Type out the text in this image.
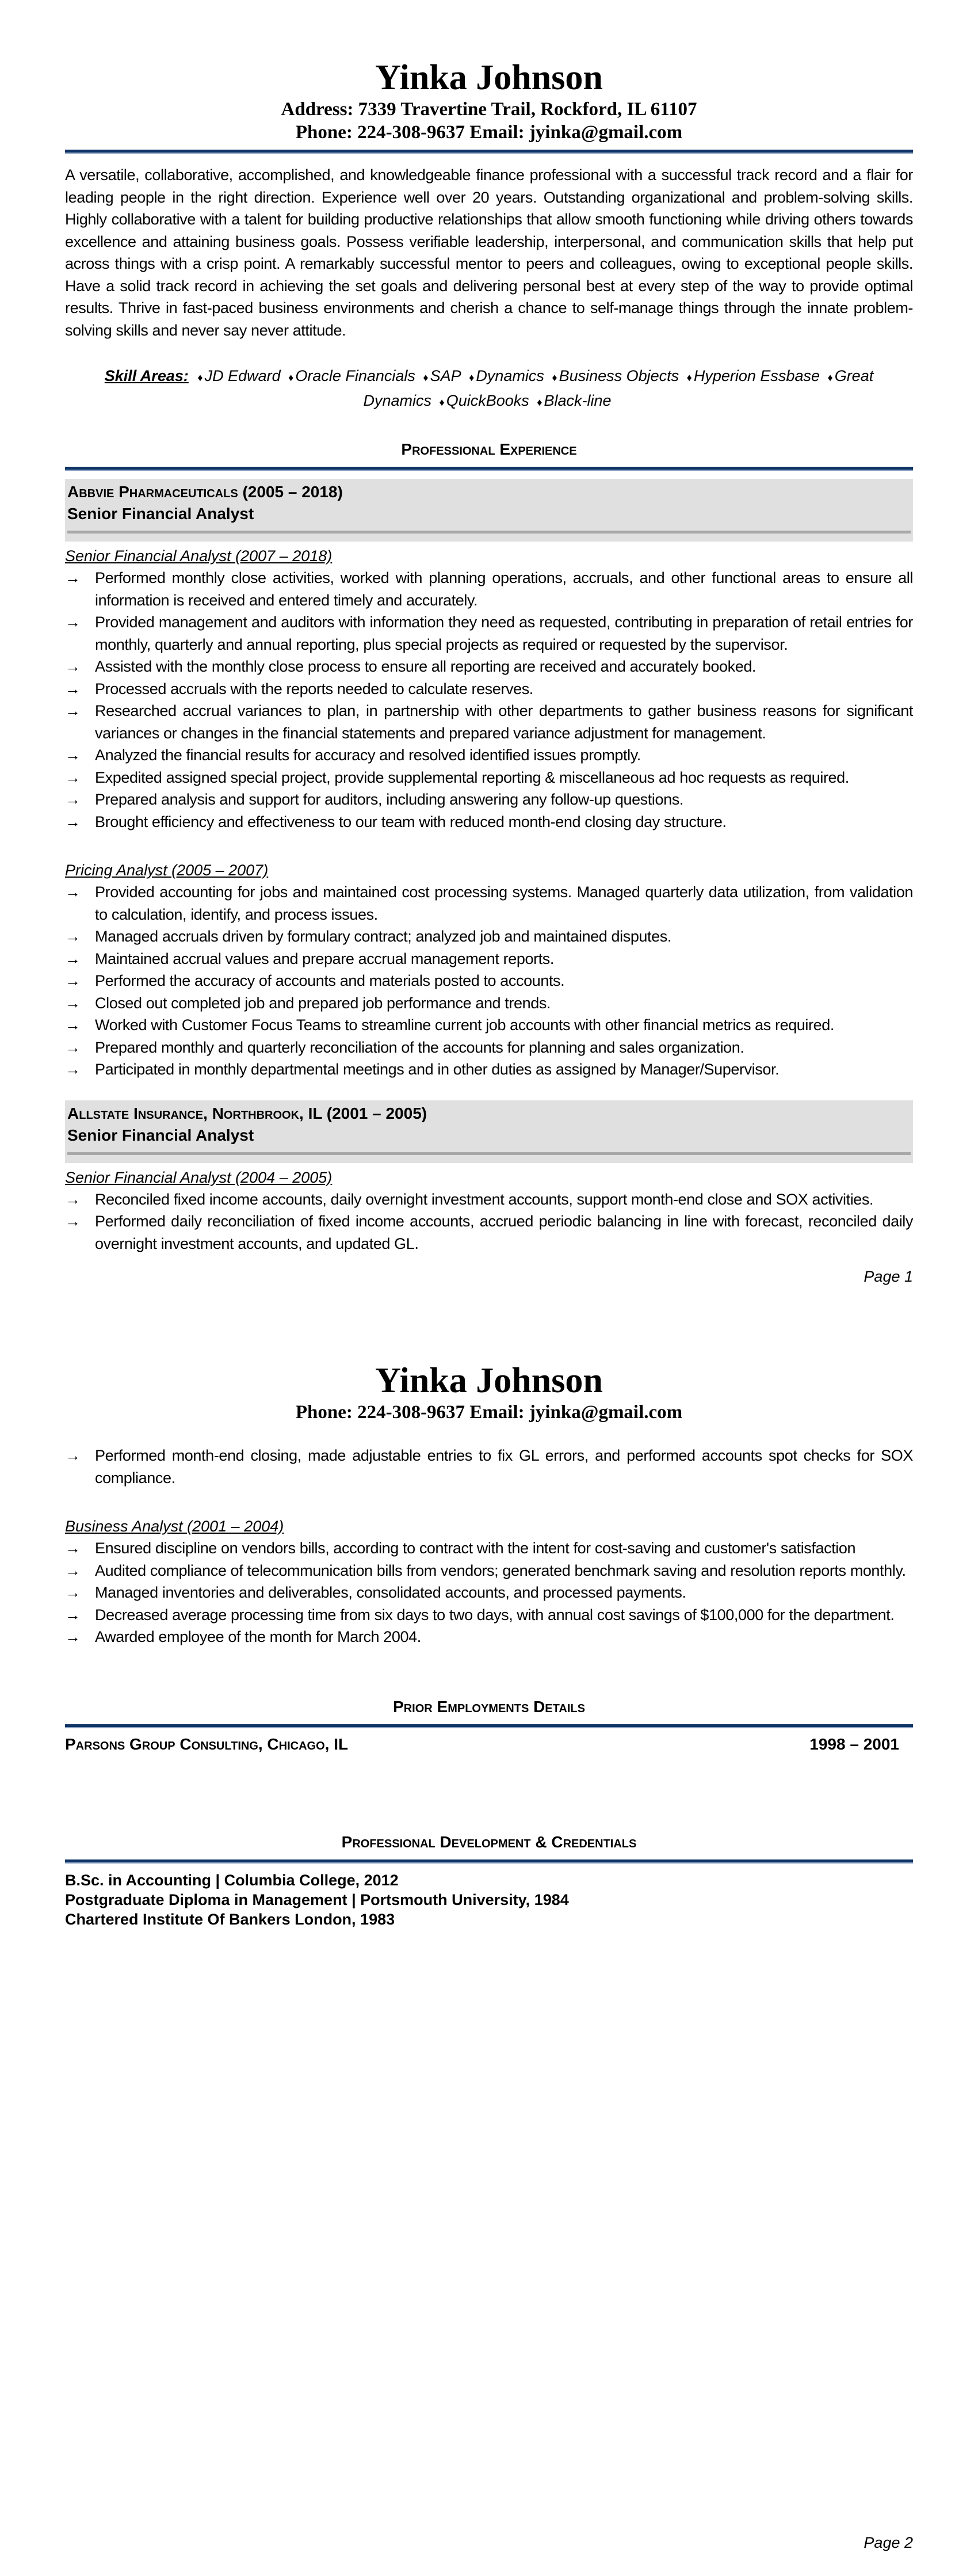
Yinka Johnson
Address: 7339 Travertine Trail, Rockford, IL 61107
Phone: 224-308-9637 Email: jyinka@gmail.com

A versatile, collaborative, accomplished, and knowledgeable finance professional with a successful track record and a flair for leading people in the right direction. Experience well over 20 years. Outstanding organizational and problem-solving skills. Highly collaborative with a talent for building productive relationships that allow smooth functioning while driving others towards excellence and attaining business goals. Possess verifiable leadership, interpersonal, and communication skills that help put across things with a crisp point. A remarkably successful mentor to peers and colleagues, owing to exceptional people skills. Have a solid track record in achieving the set goals and delivering personal best at every step of the way to provide optimal results. Thrive in fast-paced business environments and cherish a chance to self-manage things through the innate problem-solving skills and never say never attitude.

Skill Areas: ♦ JD Edward ♦ Oracle Financials ♦ SAP ♦ Dynamics ♦ Business Objects ♦ Hyperion Essbase ♦ Great Dynamics ♦ QuickBooks ♦ Black-line
Professional Experience
Abbvie Pharmaceuticals (2005 – 2018)
Senior Financial Analyst
Senior Financial Analyst (2007 – 2018)
→ Performed monthly close activities, worked with planning operations, accruals, and other functional areas to ensure all information is received and entered timely and accurately.
→ Provided management and auditors with information they need as requested, contributing in preparation of retail entries for monthly, quarterly and annual reporting, plus special projects as required or requested by the supervisor.
→ Assisted with the monthly close process to ensure all reporting are received and accurately booked.
→ Processed accruals with the reports needed to calculate reserves.
→ Researched accrual variances to plan, in partnership with other departments to gather business reasons for significant variances or changes in the financial statements and prepared variance adjustment for management.
→ Analyzed the financial results for accuracy and resolved identified issues promptly.
→ Expedited assigned special project, provide supplemental reporting & miscellaneous ad hoc requests as required.
→ Prepared analysis and support for auditors, including answering any follow-up questions.
→ Brought efficiency and effectiveness to our team with reduced month-end closing day structure.
Pricing Analyst (2005 – 2007)
→ Provided accounting for jobs and maintained cost processing systems. Managed quarterly data utilization, from validation to calculation, identify, and process issues.
→ Managed accruals driven by formulary contract; analyzed job and maintained disputes.
→ Maintained accrual values and prepare accrual management reports.
→ Performed the accuracy of accounts and materials posted to accounts.
→ Closed out completed job and prepared job performance and trends.
→ Worked with Customer Focus Teams to streamline current job accounts with other financial metrics as required.
→ Prepared monthly and quarterly reconciliation of the accounts for planning and sales organization.
→ Participated in monthly departmental meetings and in other duties as assigned by Manager/Supervisor.
Allstate Insurance, Northbrook, IL (2001 – 2005)
Senior Financial Analyst
Senior Financial Analyst (2004 – 2005)
→ Reconciled fixed income accounts, daily overnight investment accounts, support month-end close and SOX activities.
→ Performed daily reconciliation of fixed income accounts, accrued periodic balancing in line with forecast, reconciled daily overnight investment accounts, and updated GL.
Page 1
Yinka Johnson
Phone: 224-308-9637 Email: jyinka@gmail.com
→ Performed month-end closing, made adjustable entries to fix GL errors, and performed accounts spot checks for SOX compliance.
Business Analyst (2001 – 2004)
→ Ensured discipline on vendors bills, according to contract with the intent for cost-saving and customer's satisfaction
→ Audited compliance of telecommunication bills from vendors; generated benchmark saving and resolution reports monthly.
→ Managed inventories and deliverables, consolidated accounts, and processed payments.
→ Decreased average processing time from six days to two days, with annual cost savings of $100,000 for the department.
→ Awarded employee of the month for March 2004.
Prior Employments Details
Parsons Group Consulting, Chicago, IL	1998 – 2001
Professional Development & Credentials
B.Sc. in Accounting | Columbia College, 2012
Postgraduate Diploma in Management | Portsmouth University, 1984
Chartered Institute Of Bankers London, 1983
Page 2
